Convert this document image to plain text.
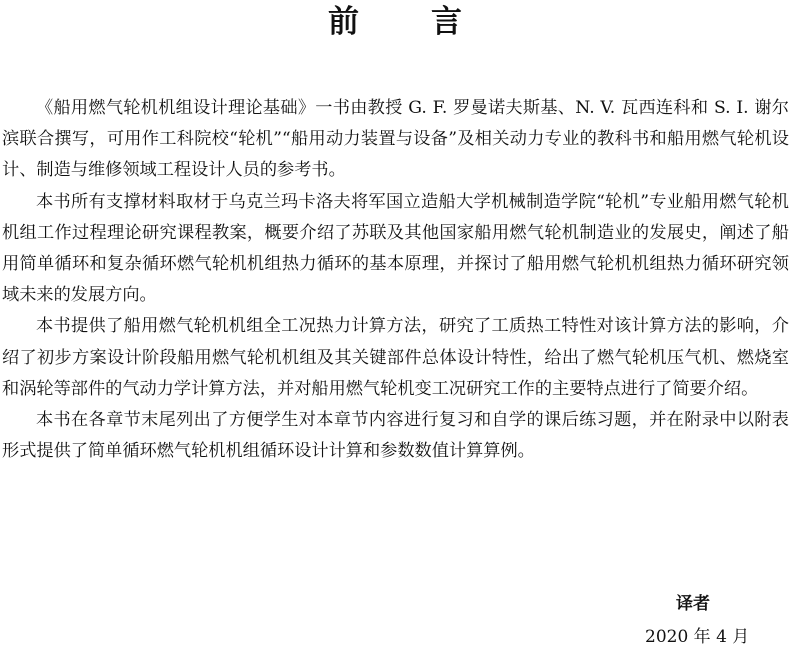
前言

《船用燃气轮机机组设计理论基础》一书由教授 G. F. 罗曼诺夫斯基、N. V. 瓦西连科和 S. I. 谢尔滨联合撰写，可用作工科院校“轮机”“船用动力装置与设备”及相关动力专业的教科书和船用燃气轮机设计、制造与维修领域工程设计人员的参考书。

本书所有支撑材料取材于乌克兰玛卡洛夫将军国立造船大学机械制造学院“轮机”专业船用燃气轮机机组工作过程理论研究课程教案，概要介绍了苏联及其他国家船用燃气轮机制造业的发展史，阐述了船用简单循环和复杂循环燃气轮机机组热力循环的基本原理，并探讨了船用燃气轮机机组热力循环研究领域未来的发展方向。

本书提供了船用燃气轮机机组全工况热力计算方法，研究了工质热工特性对该计算方法的影响，介绍了初步方案设计阶段船用燃气轮机机组及其关键部件总体设计特性，给出了燃气轮机压气机、燃烧室和涡轮等部件的气动力学计算方法，并对船用燃气轮机变工况研究工作的主要特点进行了简要介绍。

本书在各章节末尾列出了方便学生对本章节内容进行复习和自学的课后练习题，并在附录中以附表形式提供了简单循环燃气轮机机组循环设计计算和参数数值计算算例。

译者
2020 年 4 月
